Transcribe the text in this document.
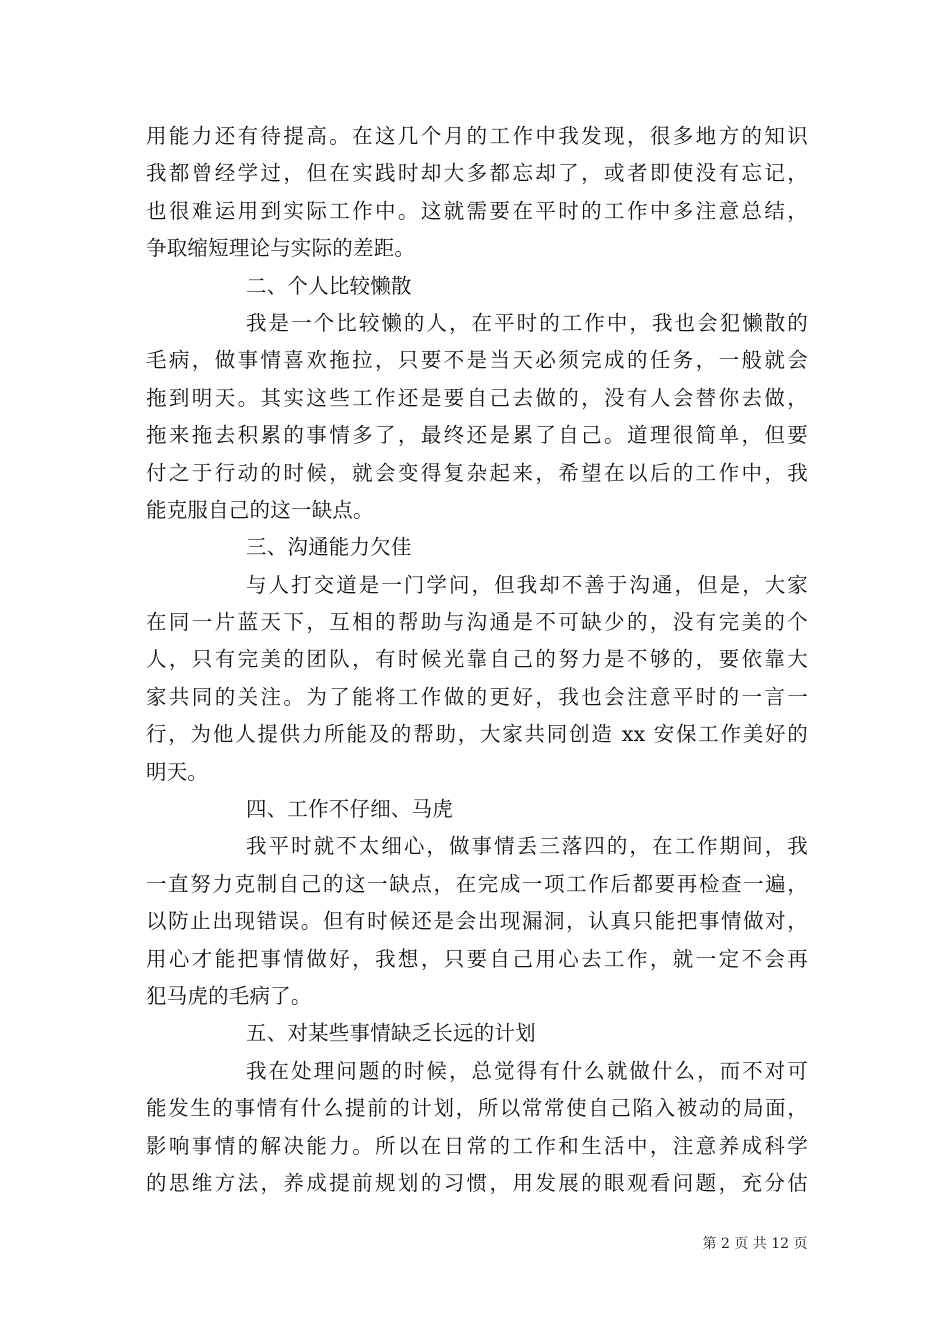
用能力还有待提高。在这几个月的工作中我发现，很多地方的知识
我都曾经学过，但在实践时却大多都忘却了，或者即使没有忘记，
也很难运用到实际工作中。这就需要在平时的工作中多注意总结，
争取缩短理论与实际的差距。
二、个人比较懒散
我是一个比较懒的人，在平时的工作中，我也会犯懒散的
毛病，做事情喜欢拖拉，只要不是当天必须完成的任务，一般就会
拖到明天。其实这些工作还是要自己去做的，没有人会替你去做，
拖来拖去积累的事情多了，最终还是累了自己。道理很简单，但要
付之于行动的时候，就会变得复杂起来，希望在以后的工作中，我
能克服自己的这一缺点。
三、沟通能力欠佳
与人打交道是一门学问，但我却不善于沟通，但是，大家
在同一片蓝天下，互相的帮助与沟通是不可缺少的，没有完美的个
人，只有完美的团队，有时候光靠自己的努力是不够的，要依靠大
家共同的关注。为了能将工作做的更好，我也会注意平时的一言一
行，为他人提供力所能及的帮助，大家共同创造 xx 安保工作美好的
明天。
四、工作不仔细、马虎
我平时就不太细心，做事情丢三落四的，在工作期间，我
一直努力克制自己的这一缺点，在完成一项工作后都要再检查一遍，
以防止出现错误。但有时候还是会出现漏洞，认真只能把事情做对，
用心才能把事情做好，我想，只要自己用心去工作，就一定不会再
犯马虎的毛病了。
五、对某些事情缺乏长远的计划
我在处理问题的时候，总觉得有什么就做什么，而不对可
能发生的事情有什么提前的计划，所以常常使自己陷入被动的局面，
影响事情的解决能力。所以在日常的工作和生活中，注意养成科学
的思维方法，养成提前规划的习惯，用发展的眼观看问题，充分估
第 2 页 共 12 页
